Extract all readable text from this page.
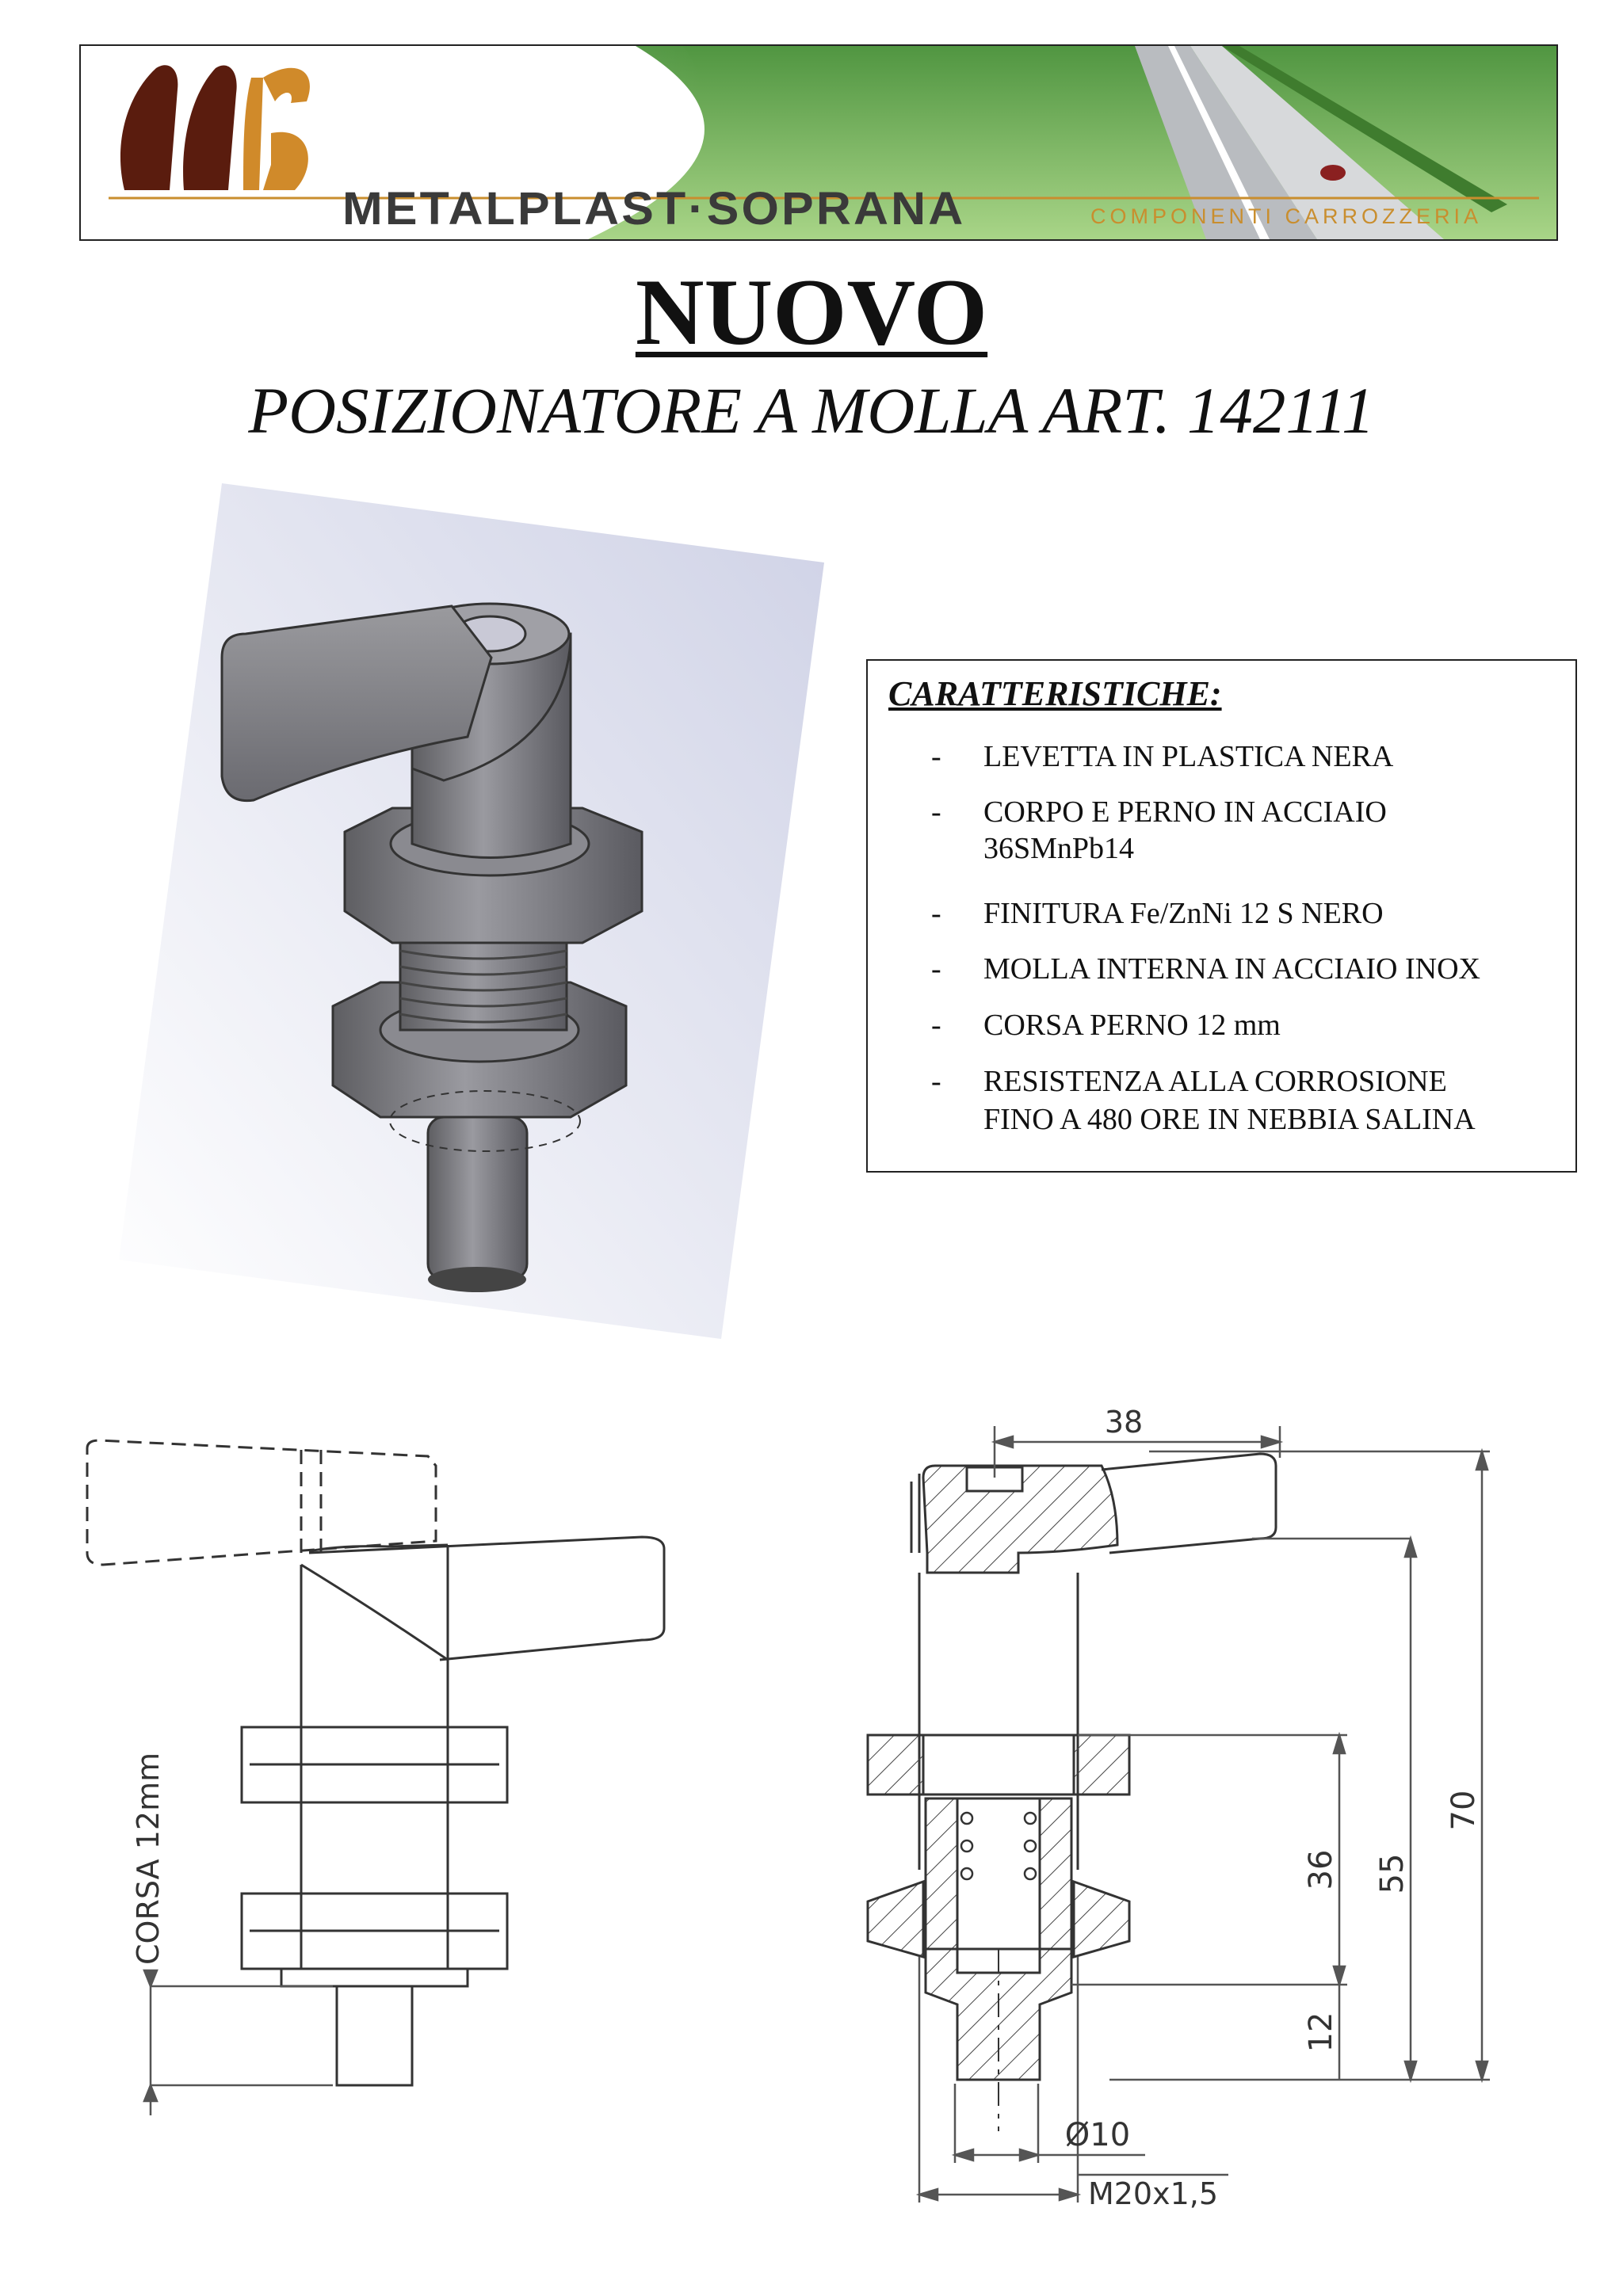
METALPLAST·SOPRANA	COMPONENTI CARROZZERIA
NUOVO
POSIZIONATORE A MOLLA ART. 142111
CARATTERISTICHE:
- LEVETTA IN PLASTICA NERA
- CORPO E PERNO IN ACCIAIO
36SMnPb14
- FINITURA Fe/ZnNi 12 S NERO
- MOLLA INTERNA IN ACCIAIO INOX
- CORSA PERNO 12 mm
- RESISTENZA ALLA CORROSIONE
FINO A 480 ORE IN NEBBIA SALINA
CORSA 12mm
38
36 55
70
12
Ø10
M20x1,5
